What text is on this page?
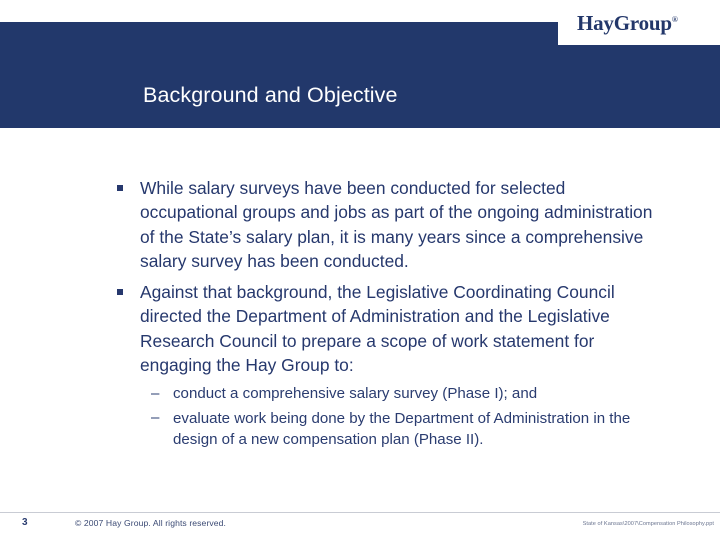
Background and Objective
HayGroup®
While salary surveys have been conducted for selected occupational groups and jobs as part of the ongoing administration of the State’s salary plan, it is many years since a comprehensive salary survey has been conducted.
Against that background, the Legislative Coordinating Council directed the Department of Administration and the Legislative Research Council to prepare a scope of work statement for engaging the Hay Group to:
– conduct a comprehensive salary survey (Phase I); and
– evaluate work being done by the Department of Administration in the design of a new compensation plan (Phase II).
3	© 2007 Hay Group. All rights reserved.	State of Kansas\2007\Compensation Philosophy.ppt
